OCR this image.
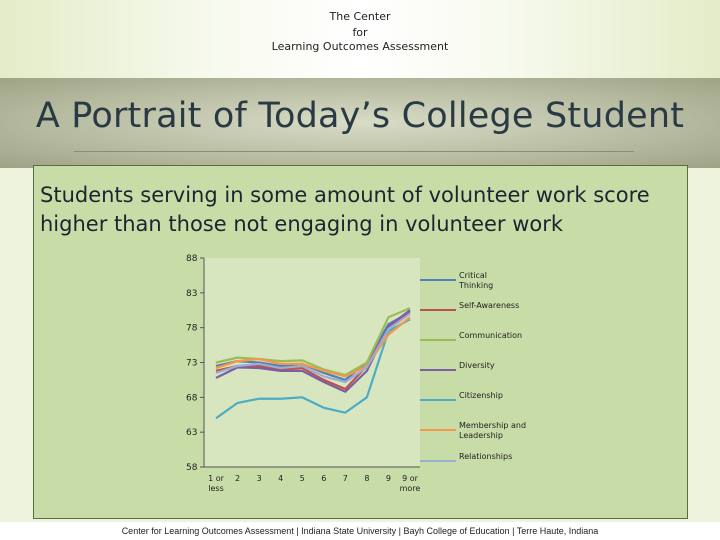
The Center
for
Learning Outcomes Assessment
A Portrait of Today’s College Student
Students serving in some amount of volunteer work score higher than those not engaging in volunteer work
58
63
68
73
78
83
88
1 or less
2 3 4 5 6 7 8 9	9 or more
Critical Thinking
Self-Awareness
Communication
Diversity
Citizenship
Membership and Leadership
Relationships
Center for Learning Outcomes Assessment | Indiana State University | Bayh College of Education | Terre Haute, Indiana
